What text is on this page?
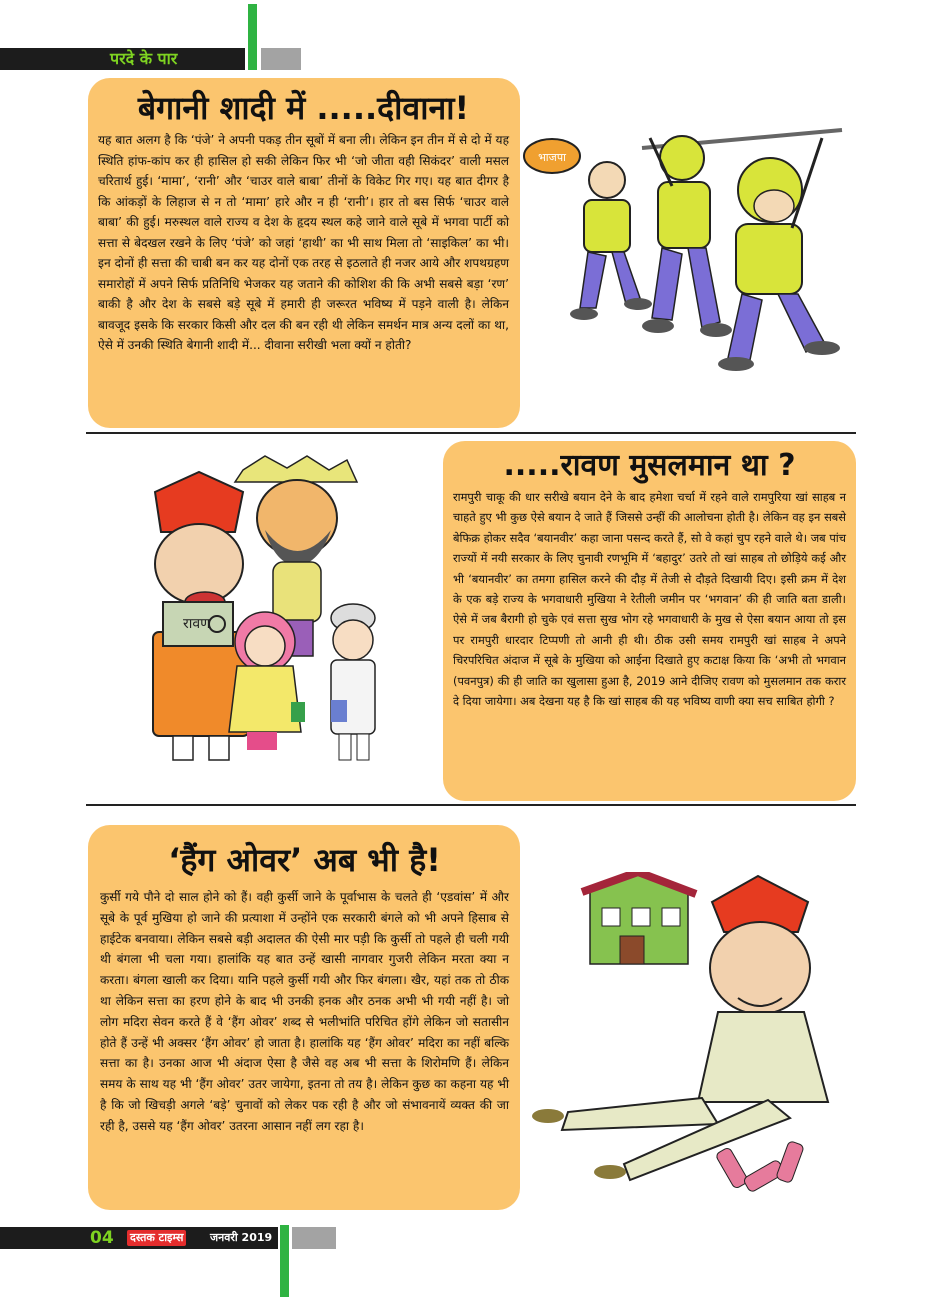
परदे के पार
बेगानी शादी में .....दीवाना!

यह बात अलग है कि ‘पंजे’ ने अपनी पकड़ तीन सूबों में बना ली। लेकिन इन तीन में से दो में यह स्थिति हांफ-कांप कर ही हासिल हो सकी लेकिन फिर भी ‘जो जीता वही सिकंदर’ वाली मसल चरितार्थ हुई। ‘मामा’, ‘रानी’ और ‘चाउर वाले बाबा’ तीनों के विकेट गिर गए। यह बात दीगर है कि आंकड़ों के लिहाज से न तो ‘मामा’ हारे और न ही ‘रानी’। हार तो बस सिर्फ ‘चाउर वाले बाबा’ की हुई। मरुस्थल वाले राज्य व देश के हृदय स्थल कहे जाने वाले सूबे में भगवा पार्टी को सत्ता से बेदखल रखने के लिए ‘पंजे’ को जहां ‘हाथी’ का भी साथ मिला तो ‘साइकिल’ का भी। इन दोनों ही सत्ता की चाबी बन कर यह दोनों एक तरह से इठलाते ही नजर आये और शपथग्रहण समारोहों में अपने सिर्फ प्रतिनिधि भेजकर यह जताने की कोशिश की कि अभी सबसे बड़ा ‘रण’ बाकी है और देश के सबसे बड़े सूबे में हमारी ही जरूरत भविष्य में पड़ने वाली है। लेकिन बावजूद इसके कि सरकार किसी और दल की बन रही थी लेकिन समर्थन मात्र अन्य दलों का था, ऐसे में उनकी स्थिति बेगानी शादी में... दीवाना सरीखी भला क्यों न होती?

भाजपा
रावण
.....रावण मुसलमान था ?

रामपुरी चाकू की धार सरीखे बयान देने के बाद हमेशा चर्चा में रहने वाले रामपुरिया खां साहब न चाहते हुए भी कुछ ऐसे बयान दे जाते हैं जिससे उन्हीं की आलोचना होती है। लेकिन वह इन सबसे बेफिक्र होकर सदैव ‘बयानवीर’ कहा जाना पसन्द करते हैं, सो वे कहां चुप रहने वाले थे। जब पांच राज्यों में नयी सरकार के लिए चुनावी रणभूमि में ‘बहादुर’ उतरे तो खां साहब तो छोड़िये कई और भी ‘बयानवीर’ का तमगा हासिल करने की दौड़ में तेजी से दौड़ते दिखायी दिए। इसी क्रम में देश के एक बड़े राज्य के भगवाधारी मुखिया ने रेतीली जमीन पर ‘भगवान’ की ही जाति बता डाली। ऐसे में जब बैरागी हो चुके एवं सत्ता सुख भोग रहे भगवाधारी के मुख से ऐसा बयान आया तो इस पर रामपुरी धारदार टिप्पणी तो आनी ही थी। ठीक उसी समय रामपुरी खां साहब ने अपने चिरपरिचित अंदाज में सूबे के मुखिया को आईना दिखाते हुए कटाक्ष किया कि ‘अभी तो भगवान (पवनपुत्र) की ही जाति का खुलासा हुआ है, 2019 आने दीजिए रावण को मुसलमान तक करार दे दिया जायेगा। अब देखना यह है कि खां साहब की यह भविष्य वाणी क्या सच साबित होगी ?

‘हैंग ओवर’ अब भी है!

कुर्सी गये पौने दो साल होने को हैं। वही कुर्सी जाने के पूर्वाभास के चलते ही ‘एडवांस’ में और सूबे के पूर्व मुखिया हो जाने की प्रत्याशा में उन्होंने एक सरकारी बंगले को भी अपने हिसाब से हाईटेक बनवाया। लेकिन सबसे बड़ी अदालत की ऐसी मार पड़ी कि कुर्सी तो पहले ही चली गयी थी बंगला भी चला गया। हालांकि यह बात उन्हें खासी नागवार गुजरी लेकिन मरता क्या न करता। बंगला खाली कर दिया। यानि पहले कुर्सी गयी और फिर बंगला। खैर, यहां तक तो ठीक था लेकिन सत्ता का हरण होने के बाद भी उनकी हनक और ठनक अभी भी गयी नहीं है। जो लोग मदिरा सेवन करते हैं वे ‘हैंग ओवर’ शब्द से भलीभांति परिचित होंगे लेकिन जो सतासीन होते हैं उन्हें भी अक्सर ‘हैंग ओवर’ हो जाता है। हालांकि यह ‘हैंग ओवर’ मदिरा का नहीं बल्कि सत्ता का है। उनका आज भी अंदाज ऐसा है जैसे वह अब भी सत्ता के शिरोमणि हैं। लेकिन समय के साथ यह भी ‘हैंग ओवर’ उतर जायेगा, इतना तो तय है। लेकिन कुछ का कहना यह भी है कि जो खिचड़ी अगले ‘बड़े’ चुनावों को लेकर पक रही है और जो संभावनायें व्यक्त की जा रही है, उससे यह ‘हैंग ओवर’ उतरना आसान नहीं लग रहा है।

04 दस्तक टाइम्स जनवरी 2019
